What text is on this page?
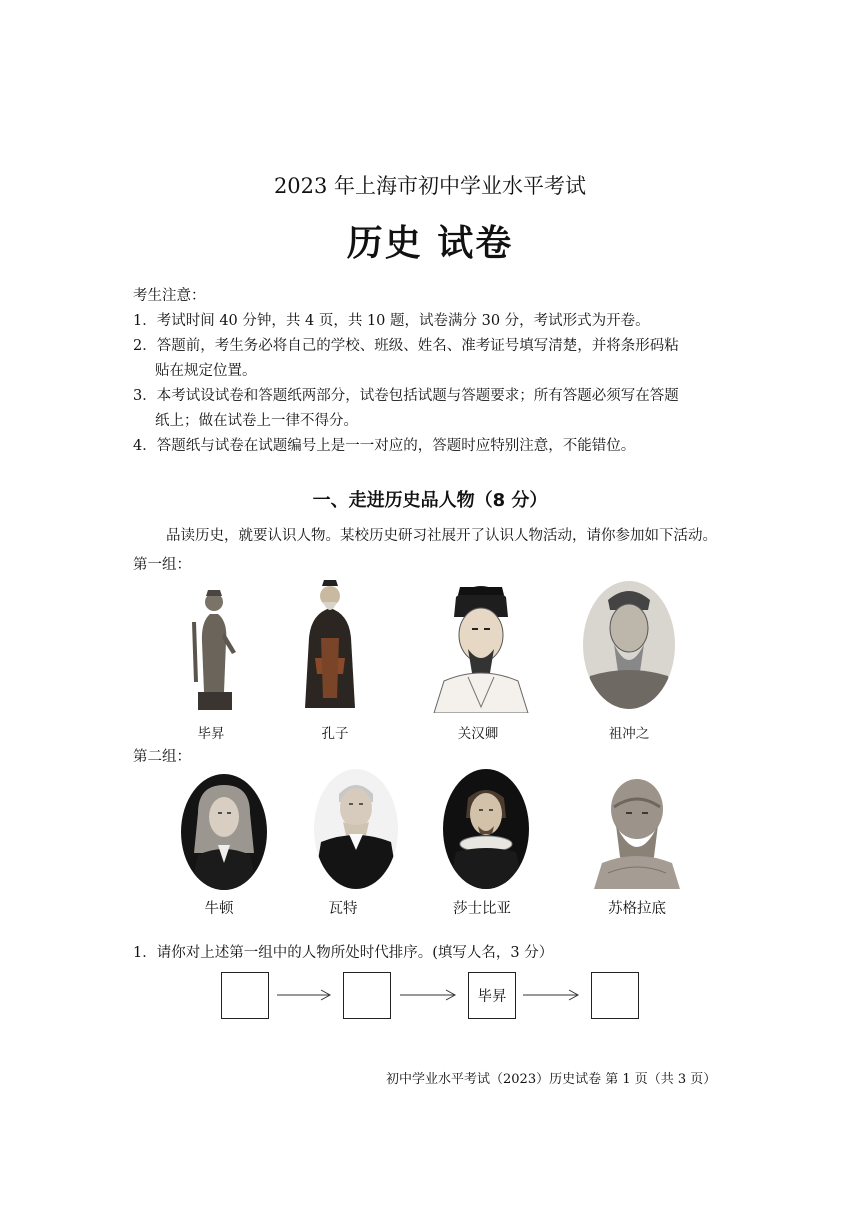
2023 年上海市初中学业水平考试
历史 试卷
考生注意：
1．考试时间 40 分钟，共 4 页，共 10 题，试卷满分 30 分，考试形式为开卷。
2．答题前，考生务必将自己的学校、班级、姓名、准考证号填写清楚，并将条形码粘
贴在规定位置。
3．本考试设试卷和答题纸两部分，试卷包括试题与答题要求；所有答题必须写在答题
纸上；做在试卷上一律不得分。
4．答题纸与试卷在试题编号上是一一对应的，答题时应特别注意，不能错位。
一、走进历史品人物（8 分）
品读历史，就要认识人物。某校历史研习社展开了认识人物活动，请你参加如下活动。
第一组：
毕昇	孔子	关汉卿	祖冲之
第二组：
牛顿	瓦特	莎士比亚	苏格拉底
1．请你对上述第一组中的人物所处时代排序。(填写人名，3 分）
毕昇
初中学业水平考试（2023）历史试卷 第 1 页（共 3 页）
